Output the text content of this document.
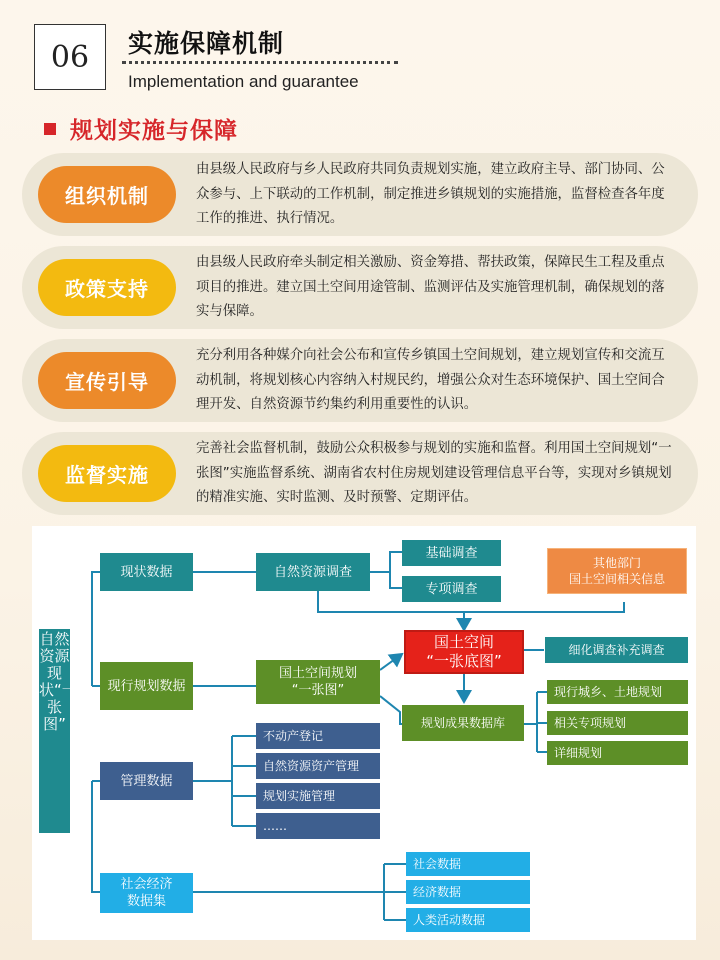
06	实施保障机制
Implementation and guarantee
规划实施与保障
组织机制
由县级人民政府与乡人民政府共同负责规划实施，建立政府主导、部门协同、公众参与、上下联动的工作机制，制定推进乡镇规划的实施措施，监督检查各年度工作的推进、执行情况。
政策支持
由县级人民政府牵头制定相关激励、资金筹措、帮扶政策，保障民生工程及重点项目的推进。建立国土空间用途管制、监测评估及实施管理机制，确保规划的落实与保障。
宣传引导
充分利用各种媒介向社会公布和宣传乡镇国土空间规划，建立规划宣传和交流互动机制，将规划核心内容纳入村规民约，增强公众对生态环境保护、国土空间合理开发、自然资源节约集约利用重要性的认识。
监督实施
完善社会监督机制，鼓励公众积极参与规划的实施和监督。利用国土空间规划“一张图”实施监督系统、湖南省农村住房规划建设管理信息平台等，实现对乡镇规划的精准实施、实时监测、及时预警、定期评估。
自然资源现状“一张图”
现状数据	自然资源调查
基础调查
专项调查
其他部门
国土空间相关信息
现行规划数据
国土空间规划
“一张图”
国土空间
“一张底图”
细化调查补充调查
规划成果数据库
现行城乡、土地规划
相关专项规划
详细规划
管理数据
不动产登记
自然资源资产管理
规划实施管理
……
社会经济
数据集
社会数据
经济数据
人类活动数据
